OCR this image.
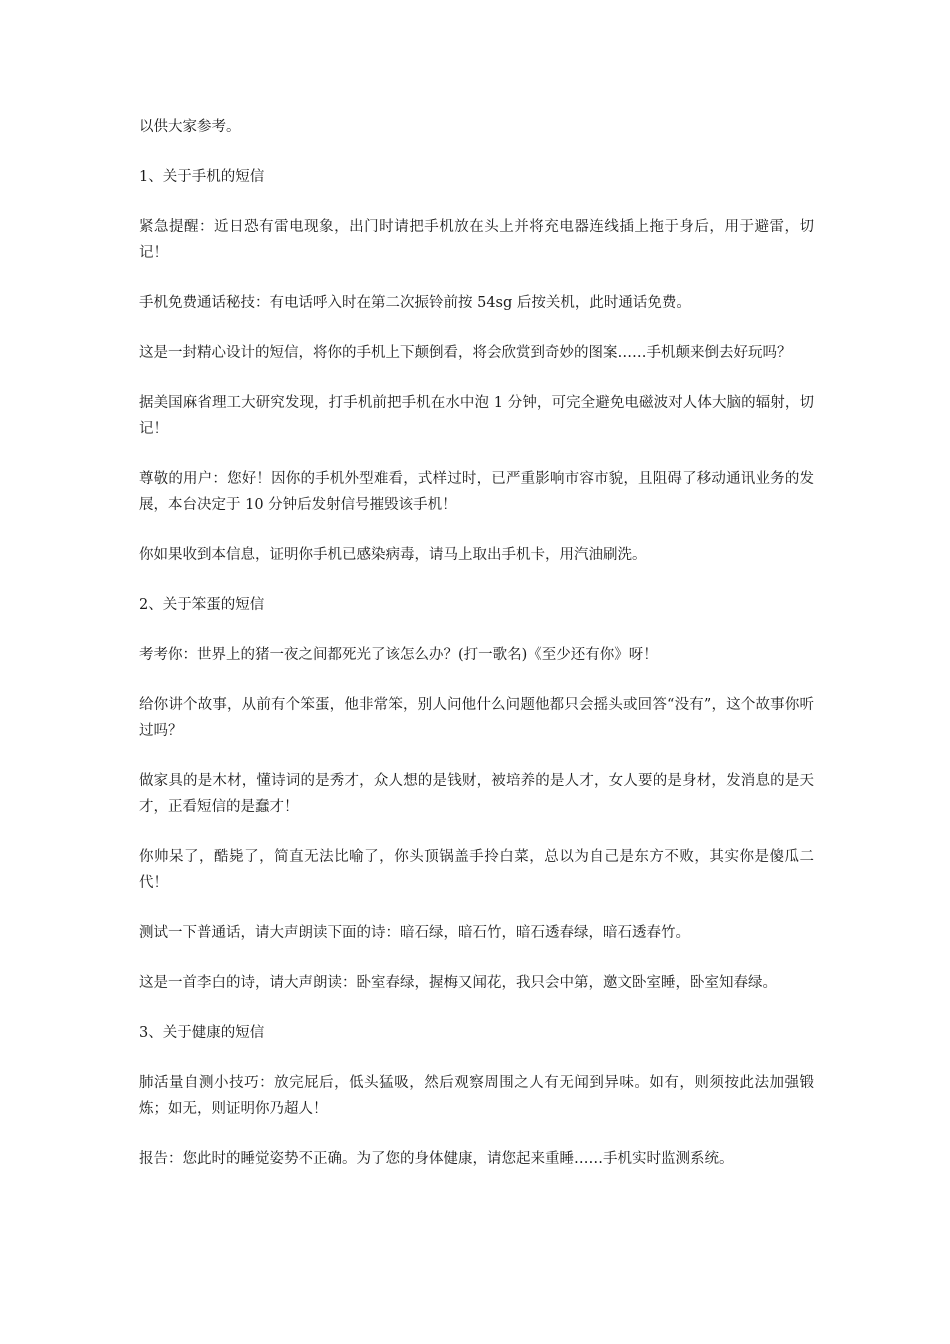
以供大家参考。

1、关于手机的短信

紧急提醒：近日恐有雷电现象，出门时请把手机放在头上并将充电器连线插上拖于身后，用于避雷，切记！

手机免费通话秘技：有电话呼入时在第二次振铃前按 54sg 后按关机，此时通话免费。

这是一封精心设计的短信，将你的手机上下颠倒看，将会欣赏到奇妙的图案……手机颠来倒去好玩吗？

据美国麻省理工大研究发现，打手机前把手机在水中泡 1 分钟，可完全避免电磁波对人体大脑的辐射，切记！

尊敬的用户：您好！因你的手机外型难看，式样过时，已严重影响市容市貌，且阻碍了移动通讯业务的发展，本台决定于 10 分钟后发射信号摧毁该手机！

你如果收到本信息，证明你手机已感染病毒，请马上取出手机卡，用汽油刷洗。

2、关于笨蛋的短信

考考你：世界上的猪一夜之间都死光了该怎么办？(打一歌名)《至少还有你》呀！

给你讲个故事，从前有个笨蛋，他非常笨，别人问他什么问题他都只会摇头或回答“没有”，这个故事你听过吗？

做家具的是木材，懂诗词的是秀才，众人想的是钱财，被培养的是人才，女人要的是身材，发消息的是天才，正看短信的是蠢才！

你帅呆了，酷毙了，简直无法比喻了，你头顶锅盖手拎白菜，总以为自己是东方不败，其实你是傻瓜二代！

测试一下普通话，请大声朗读下面的诗：暗石绿，暗石竹，暗石透春绿，暗石透春竹。

这是一首李白的诗，请大声朗读：卧室春绿，握梅又闻花，我只会中第，邀文卧室睡，卧室知春绿。

3、关于健康的短信

肺活量自测小技巧：放完屁后，低头猛吸，然后观察周围之人有无闻到异味。如有，则须按此法加强锻炼；如无，则证明你乃超人！

报告：您此时的睡觉姿势不正确。为了您的身体健康，请您起来重睡……手机实时监测系统。
